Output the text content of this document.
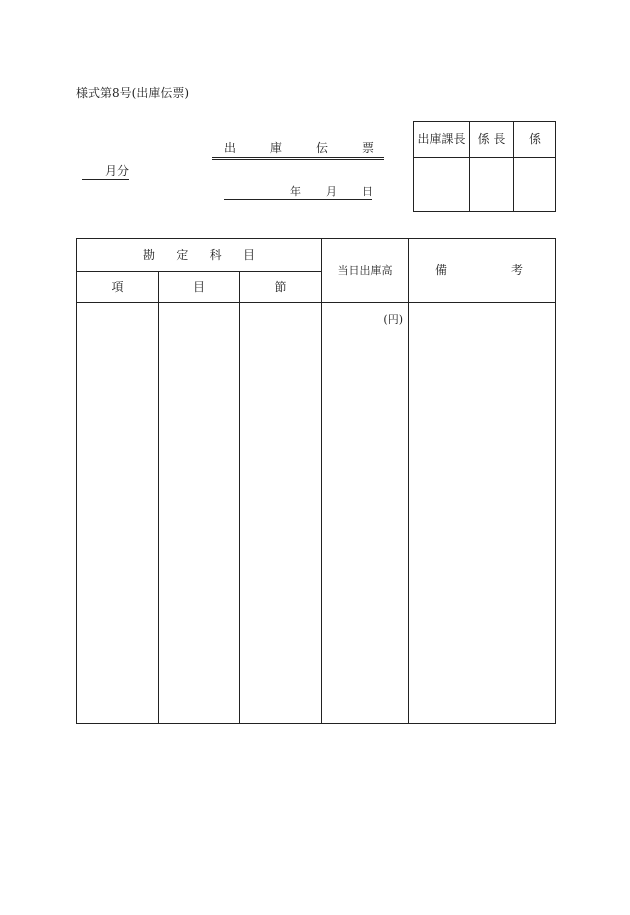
様式第8号(出庫伝票)
出	庫	伝	票
月分
年 月 日
出庫課長	係 長	係
勘 定 科 目
項	目	節
当日出庫高	備	考
(円)
